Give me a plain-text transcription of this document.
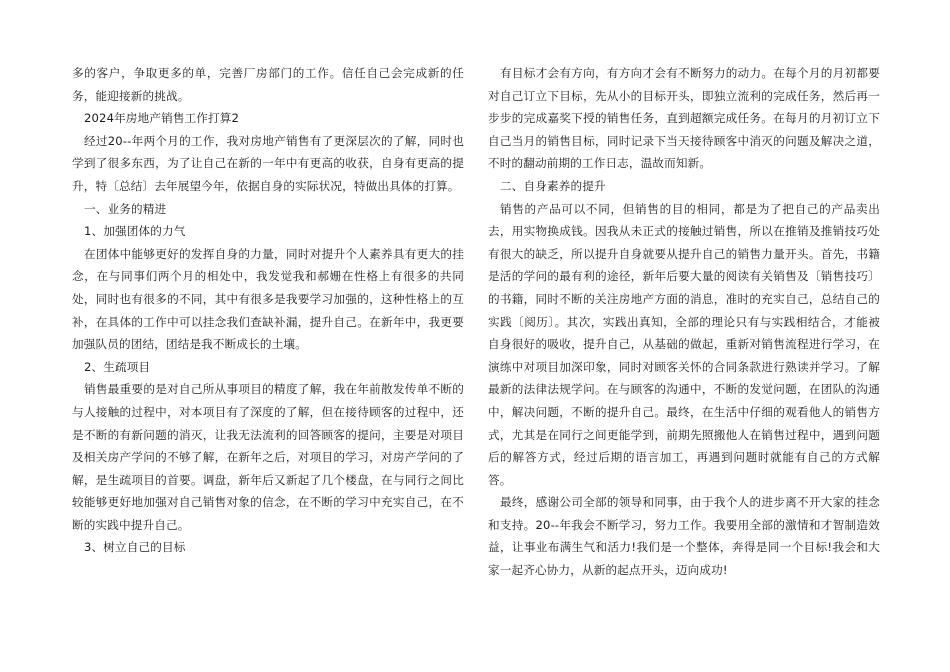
多的客户，争取更多的单，完善厂房部门的工作。信任自己会完成新的任务，能迎接新的挑战。

2024年房地产销售工作打算2

经过20--年两个月的工作，我对房地产销售有了更深层次的了解，同时也学到了很多东西，为了让自己在新的一年中有更高的收获，自身有更高的提升，特〔总结〕去年展望今年，依据自身的实际状况，特做出具体的打算。

一、业务的精进

1、加强团体的力气

在团体中能够更好的发挥自身的力量，同时对提升个人素养具有更大的挂念，在与同事们两个月的相处中，我发觉我和郝姗在性格上有很多的共同处，同时也有很多的不同，其中有很多是我要学习加强的，这种性格上的互补，在具体的工作中可以挂念我们查缺补漏，提升自己。在新年中，我更要加强队员的团结，团结是我不断成长的土壤。

2、生疏项目

销售最重要的是对自己所从事项目的精度了解，我在年前散发传单不断的与人接触的过程中，对本项目有了深度的了解，但在接待顾客的过程中，还是不断的有新问题的消灭，让我无法流利的回答顾客的提问，主要是对项目及相关房产学问的不够了解，在新年之后，对项目的学习，对房产学问的了解，是生疏项目的首要。调盘，新年后又新起了几个楼盘，在与同行之间比较能够更好地加强对自己销售对象的信念，在不断的学习中充实自己，在不断的实践中提升自己。

3、树立自己的目标

有目标才会有方向，有方向才会有不断努力的动力。在每个月的月初都要对自己订立下目标，先从小的目标开头，即独立流利的完成任务，然后再一步步的完成嘉奖下授的销售任务，直到超额完成任务。在每月的月初订立下自己当月的销售目标，同时记录下当天接待顾客中消灭的问题及解决之道，不时的翻动前期的工作日志，温故而知新。

二、自身素养的提升

销售的产品可以不同，但销售的目的相同，都是为了把自己的产品卖出去，用实物换成钱。因我从未正式的接触过销售，所以在推销及推销技巧处有很大的缺乏，所以提升自身就要从提升自己的销售力量开头。首先，书籍是活的学问的最有利的途径，新年后要大量的阅读有关销售及〔销售技巧〕的书籍，同时不断的关注房地产方面的消息，准时的充实自己，总结自己的实践〔阅历〕。其次，实践出真知，全部的理论只有与实践相结合，才能被自身很好的吸收，提升自己，从基础的做起，重新对销售流程进行学习，在演练中对项目加深印象，同时对顾客关怀的合同条款进行熟读并学习。了解最新的法律法规学问。在与顾客的沟通中，不断的发觉问题，在团队的沟通中，解决问题，不断的提升自己。最终，在生活中仔细的观看他人的销售方式，尤其是在同行之间更能学到，前期先照搬他人在销售过程中，遇到问题后的解答方式，经过后期的语言加工，再遇到问题时就能有自己的方式解答。

最终，感谢公司全部的领导和同事，由于我个人的进步离不开大家的挂念和支持。20--年我会不断学习，努力工作。我要用全部的激情和才智制造效益，让事业布满生气和活力!我们是一个整体，奔得是同一个目标!我会和大家一起齐心协力，从新的起点开头，迈向成功!
